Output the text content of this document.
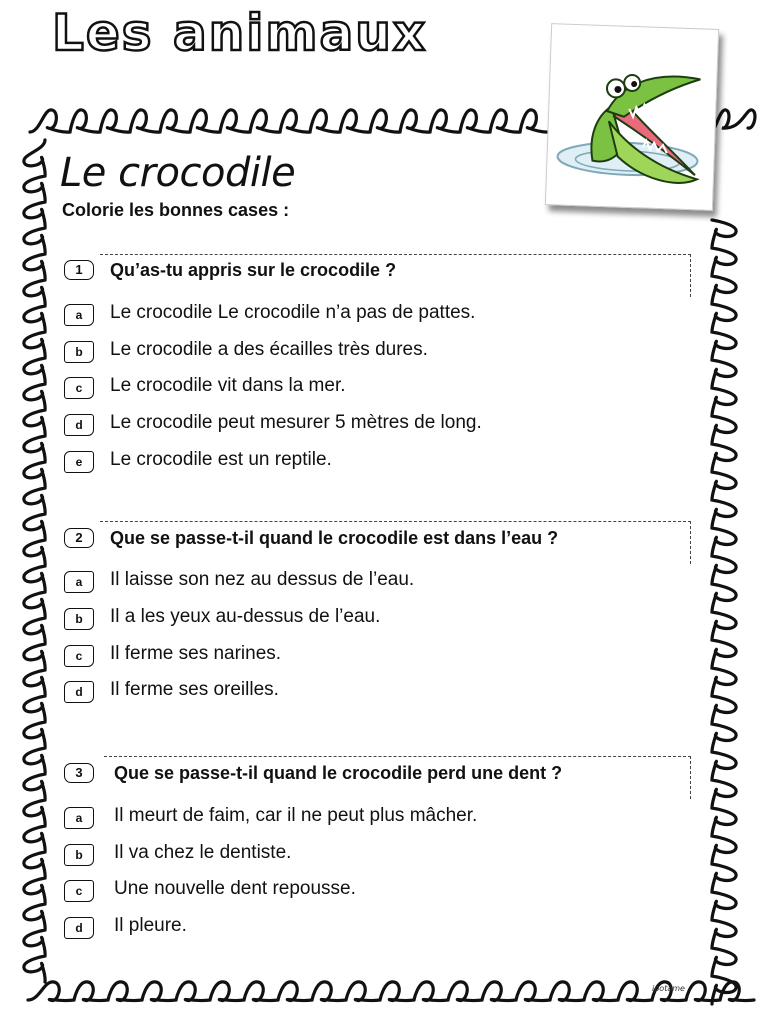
Les animaux
Le crocodile
Colorie les bonnes cases :
1	Qu’as-tu appris sur le crocodile ?
a	Le crocodile Le crocodile n’a pas de pattes.
b	Le crocodile a des écailles très dures.
c	Le crocodile vit dans la mer.
d	Le crocodile peut mesurer 5 mètres de long.
e	Le crocodile est un reptile.
2	Que se passe-t-il quand le crocodile est dans l’eau ?
a	Il laisse son nez au dessus de l’eau.
b	Il a les yeux au-dessus de l’eau.
c	Il ferme ses narines.
d	Il ferme ses oreilles.
3	Que se passe-t-il quand le crocodile perd une dent ?
a	Il meurt de faim, car il ne peut plus mâcher.
b	Il va chez le dentiste.
c	Une nouvelle dent repousse.
d	Il pleure.
ipotâme
